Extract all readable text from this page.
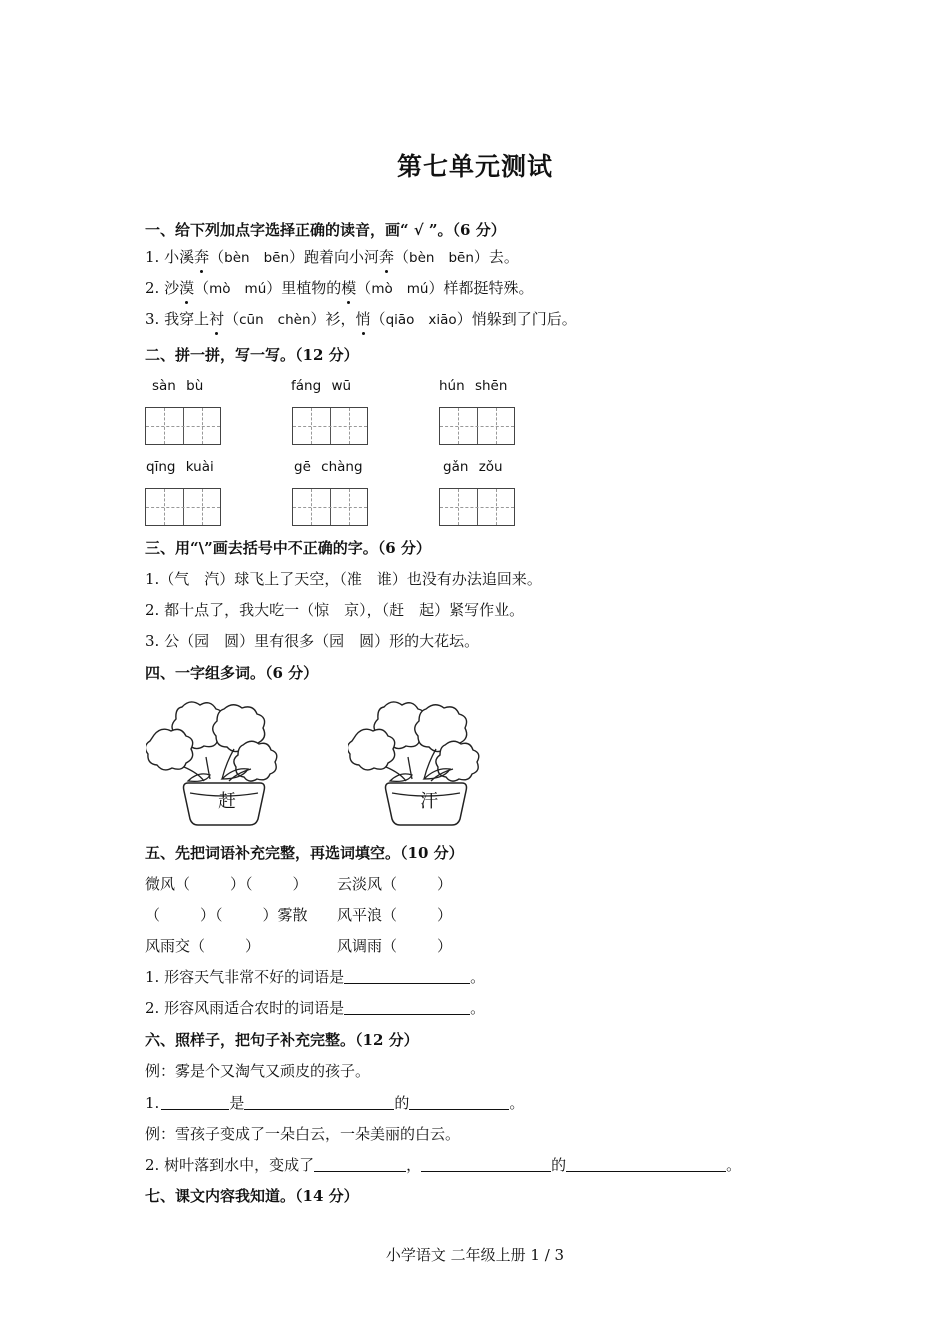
第七单元测试
一、给下列加点字选择正确的读音，画“ √ ”。（6 分）
1. 小溪奔（bèn bēn）跑着向小河奔（bèn bēn）去。
2. 沙漠（mò mú）里植物的模（mò mú）样都挺特殊。
3. 我穿上衬（cūn chèn）衫，悄（qiāo xiāo）悄躲到了门后。
二、拼一拼，写一写。（12 分）
sàn bù	fáng wū	hún shēn
qīng kuài	gē chàng	gǎn zǒu
三、用“\”画去括号中不正确的字。（6 分）
1.（气　汽）球飞上了天空，（准　谁）也没有办法追回来。
2. 都十点了，我大吃一（惊　京），（赶　起）紧写作业。
3. 公（园　圆）里有很多（园　圆）形的大花坛。
四、一字组多词。（6 分）
赶	汗
五、先把词语补充完整，再选词填空。（10 分）
微风（	）（	） 云淡风（	）
（	）（	）雾散 风平浪（	）
风雨交（	）	风调雨（	）
1. 形容天气非常不好的词语是	。
2. 形容风雨适合农时的词语是	。
六、照样子，把句子补充完整。（12 分）
例：雾是个又淘气又顽皮的孩子。
1.	是	的	。
例：雪孩子变成了一朵白云，一朵美丽的白云。
2. 树叶落到水中，变成了	，	的	。
七、课文内容我知道。（14 分）
小学语文 二年级上册 1 / 3
